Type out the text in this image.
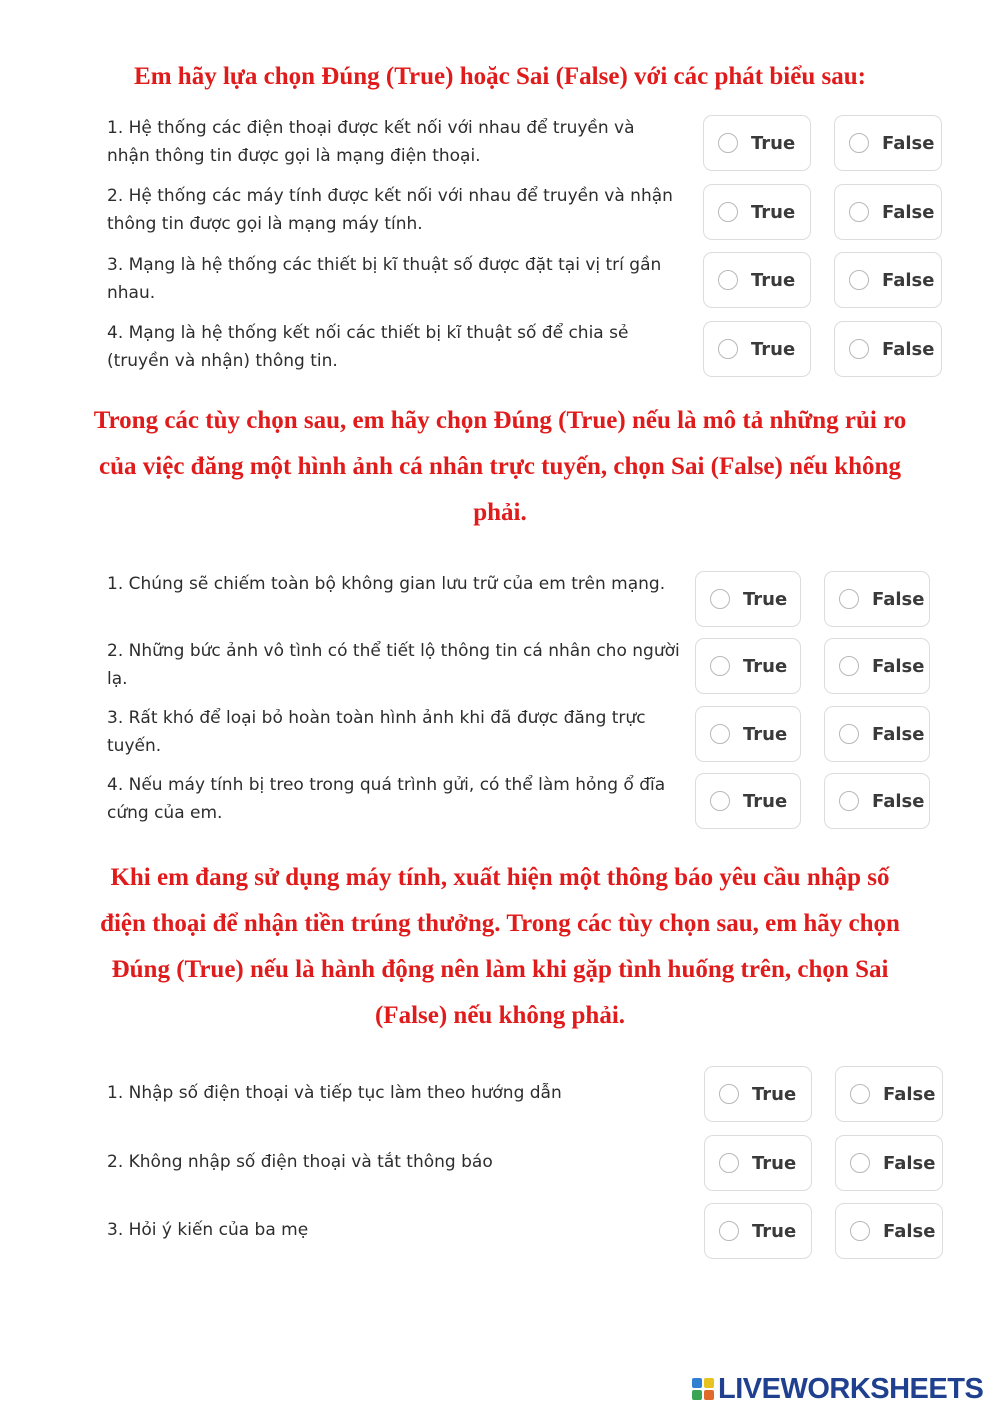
Em hãy lựa chọn Đúng (True) hoặc Sai (False) với các phát biểu sau:

1. Hệ thống các điện thoại được kết nối với nhau để truyền và nhận thông tin được gọi là mạng điện thoại.
True	False
2. Hệ thống các máy tính được kết nối với nhau để truyền và nhận thông tin được gọi là mạng máy tính.
True	False
3. Mạng là hệ thống các thiết bị kĩ thuật số được đặt tại vị trí gần nhau.
True	False
4. Mạng là hệ thống kết nối các thiết bị kĩ thuật số để chia sẻ (truyền và nhận) thông tin.
True	False

Trong các tùy chọn sau, em hãy chọn Đúng (True) nếu là mô tả những rủi ro của việc đăng một hình ảnh cá nhân trực tuyến, chọn Sai (False) nếu không phải.

1. Chúng sẽ chiếm toàn bộ không gian lưu trữ của em trên mạng.
True	False
2. Những bức ảnh vô tình có thể tiết lộ thông tin cá nhân cho người lạ.
True	False
3. Rất khó để loại bỏ hoàn toàn hình ảnh khi đã được đăng trực tuyến.
True	False
4. Nếu máy tính bị treo trong quá trình gửi, có thể làm hỏng ổ đĩa cứng của em.
True	False

Khi em đang sử dụng máy tính, xuất hiện một thông báo yêu cầu nhập số điện thoại để nhận tiền trúng thưởng. Trong các tùy chọn sau, em hãy chọn Đúng (True) nếu là hành động nên làm khi gặp tình huống trên, chọn Sai (False) nếu không phải.

1. Nhập số điện thoại và tiếp tục làm theo hướng dẫn	True	False
2. Không nhập số điện thoại và tắt thông báo	True	False
3. Hỏi ý kiến của ba mẹ	True	False
LIVEWORKSHEETS
